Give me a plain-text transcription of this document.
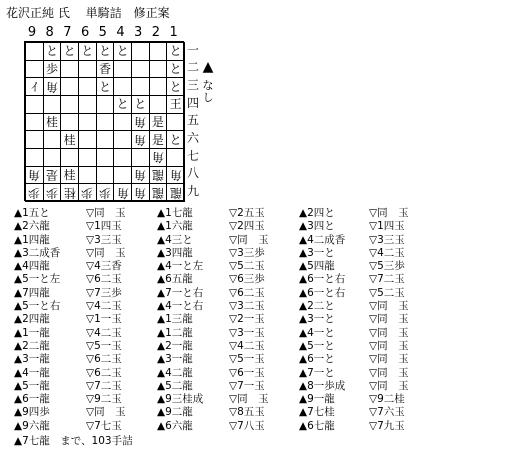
花沢正純 氏　 単騎詰　修正案
9 8 7 6 5 4 3 2 1
と と と と と	と
歩	香	と
ｲ 角	と	と
と と 王
桂	角 是
桂	角 是 と
角
角 是 桂	角 龍 角
歩 歩 桂 歩 歩 角 角 龍 龍
一
二
三
四
五
六
七
八
九
▲
な
し
▲1五と	▽同　玉	▲1七龍	▽2五玉	▲2四と	▽同　玉
▲2六龍	▽1四玉	▲1六龍	▽2四玉	▲3四と	▽1四玉
▲1四龍	▽3三玉	▲4三と	▽同　玉	▲4二成香 ▽3三玉
▲3二成香 ▽同　玉	▲3四龍	▽3三歩	▲3一と	▽4二玉
▲4四龍	▽4三香	▲4一と左 ▽5二玉	▲5四龍	▽5三歩
▲5一と左 ▽6二玉	▲6五龍	▽6三歩	▲6一と右 ▽7二玉
▲7四龍	▽7三歩	▲7一と右 ▽6二玉	▲6一と右 ▽5二玉
▲5一と右 ▽4二玉	▲4一と右 ▽3二玉	▲2二と	▽同　玉
▲2四龍	▽1一玉	▲1三龍	▽2一玉	▲3一と	▽同　玉
▲1一龍	▽4二玉	▲1二龍	▽3一玉	▲4一と	▽同　玉
▲2二龍	▽5一玉	▲2一龍	▽4二玉	▲5一と	▽同　玉
▲3一龍	▽6二玉	▲3一龍	▽5一玉	▲6一と	▽同　玉
▲4一龍	▽6二玉	▲4二龍	▽6一玉	▲7一と	▽同　玉
▲5一龍	▽7二玉	▲5二龍	▽7一玉	▲8一歩成 ▽同　玉
▲6一龍	▽9二玉	▲9三桂成 ▽同　玉	▲9一龍	▽9二桂
▲9四歩	▽同　玉	▲9二龍	▽8五玉	▲7七桂	▽7六玉
▲9六龍	▽7七玉	▲6六龍	▽7八玉	▲6七龍	▽7九玉
▲7七龍　まで、103手詰
